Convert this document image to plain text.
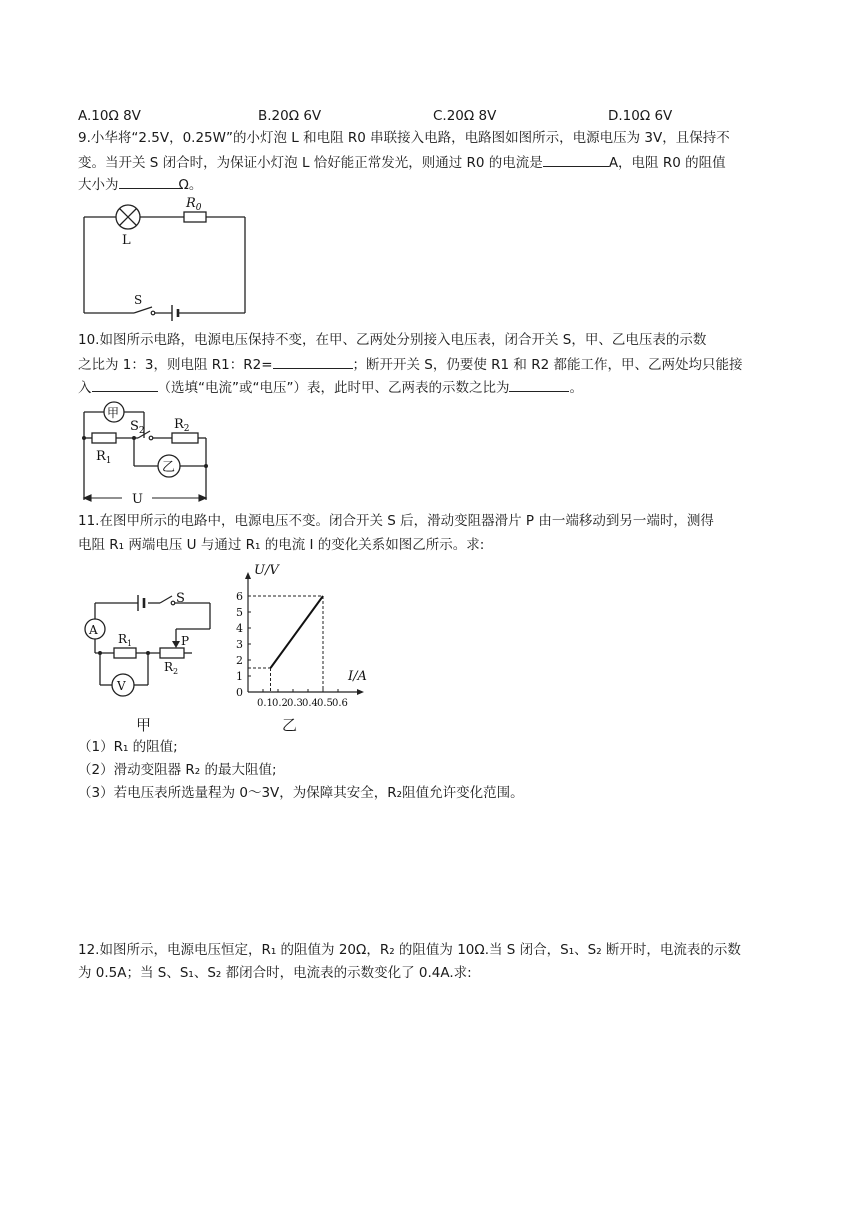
A.10Ω 8V	B.20Ω 6V	C.20Ω 8V	D.10Ω 6V
9.小华将“2.5V，0.25W”的小灯泡 L 和电阻 R0 串联接入电路，电路图如图所示，电源电压为 3V，且保持不
变。当开关 S 闭合时，为保证小灯泡 L 恰好能正常发光，则通过 R0 的电流是	A，电阻 R0 的阻值
大小为	Ω。
L
$R_0$
S
10.如图所示电路，电源电压保持不变，在甲、乙两处分别接入电压表，闭合开关 S，甲、乙电压表的示数
之比为 1：3，则电阻 R1：R2=	；断开开关 S，仍要使 R1 和 R2 都能工作，甲、乙两处均只能接
入	（选填“电流”或“电压”）表，此时甲、乙两表的示数之比为	。
甲
乙
$R_1$
$R_2$
$S_2$
U
11.在图甲所示的电路中，电源电压不变。闭合开关 S 后，滑动变阻器滑片 P 由一端移动到另一端时，测得
电阻 R₁ 两端电压 U 与通过 R₁ 的电流 I 的变化关系如图乙所示。求:
A
V
S
$R_1$
$R_2$
P
甲
0
1
2
3
4
5
6
0.1 0.2 0.3 0.4 0.5 0.6
I/A
U/V
乙
（1）R₁ 的阻值;
（2）滑动变阻器 R₂ 的最大阻值;
（3）若电压表所选量程为 0～3V，为保障其安全，R₂阻值允许变化范围。
12.如图所示，电源电压恒定，R₁ 的阻值为 20Ω，R₂ 的阻值为 10Ω.当 S 闭合，S₁、S₂ 断开时，电流表的示数
为 0.5A；当 S、S₁、S₂ 都闭合时，电流表的示数变化了 0.4A.求:
